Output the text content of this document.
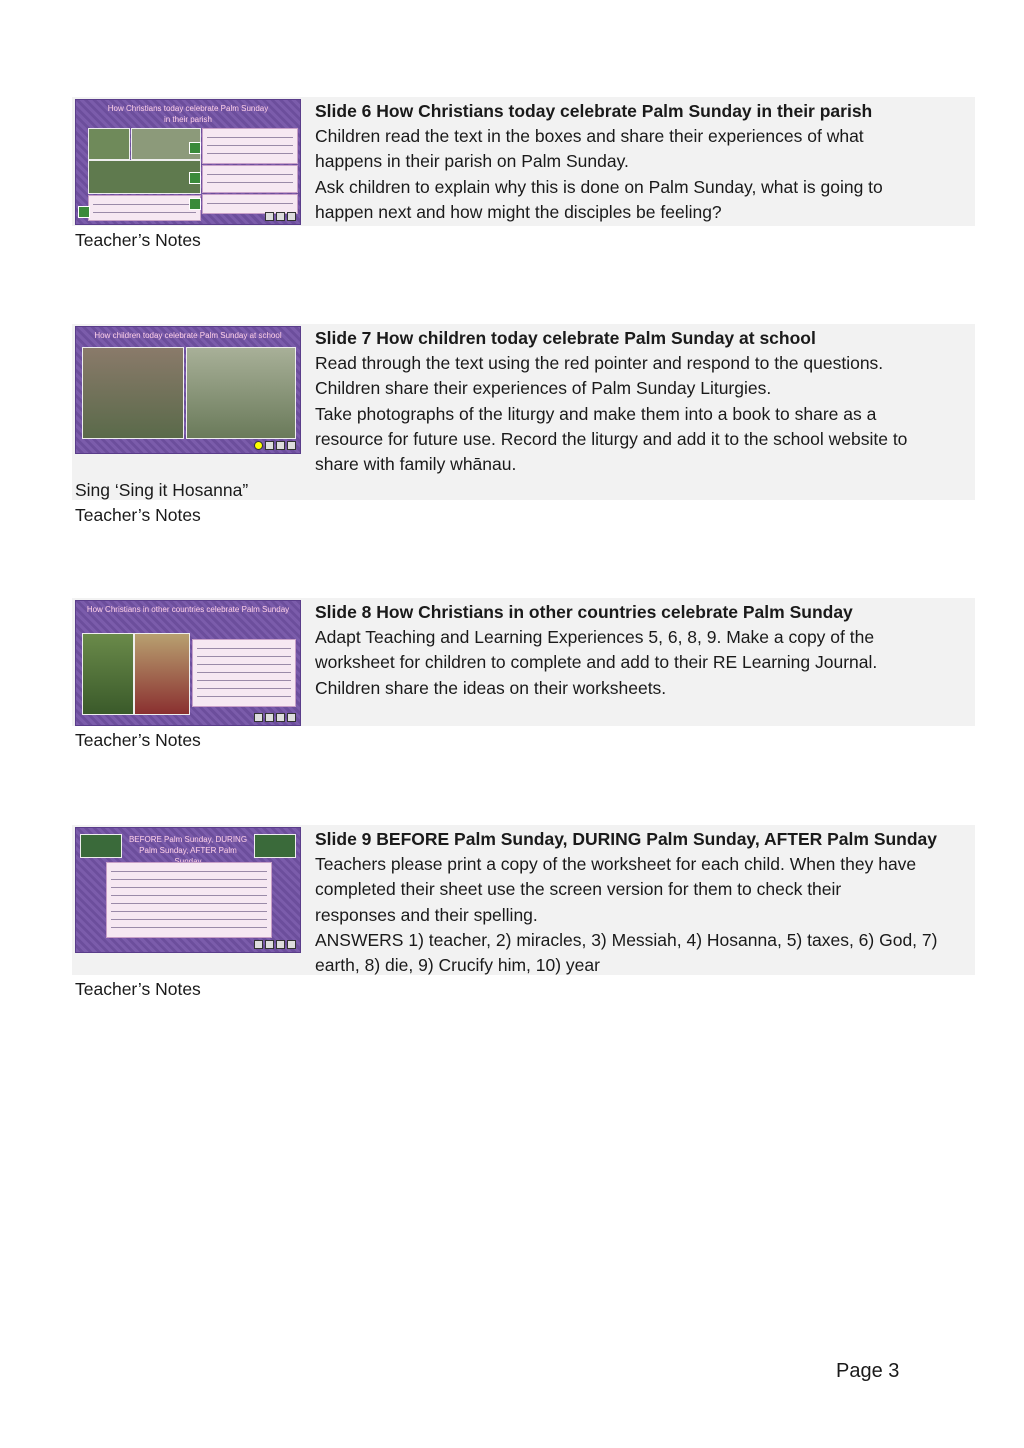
How Christians today celebrate Palm Sunday in their parish	Slide 6 How Christians today celebrate Palm Sunday in their parish
Children read the text in the boxes and share their experiences of what
happens in their parish on Palm Sunday.
Ask children to explain why this is done on Palm Sunday, what is going to
happen next and how might the disciples be feeling?
Teacher’s Notes
How children today celebrate Palm Sunday at school	Slide 7 How children today celebrate Palm Sunday at school
Read through the text using the red pointer and respond to the questions.
Children share their experiences of Palm Sunday Liturgies.
Take photographs of the liturgy and make them into a book to share as a
resource for future use. Record the liturgy and add it to the school website to
share with family whānau.
Sing ‘Sing it Hosanna”
Teacher’s Notes
How Christians in other countries celebrate Palm Sunday	Slide 8 How Christians in other countries celebrate Palm Sunday
Adapt Teaching and Learning Experiences 5, 6, 8, 9. Make a copy of the
worksheet for children to complete and add to their RE Learning Journal.
Children share the ideas on their worksheets.
Teacher’s Notes
BEFORE Palm Sunday, DURING Palm Sunday, AFTER Palm
Slide 9 BEFORE Palm Sunday, DURING Palm Sunday, AFTER Palm Sunday
Teachers please print a copy of the worksheet for each child. When they have
completed their sheet use the screen version for them to check their
responses and their spelling.
ANSWERS 1) teacher, 2) miracles, 3) Messiah, 4) Hosanna, 5) taxes, 6) God, 7)
earth, 8) die, 9) Crucify him, 10) year
Teacher’s Notes
Page 3
